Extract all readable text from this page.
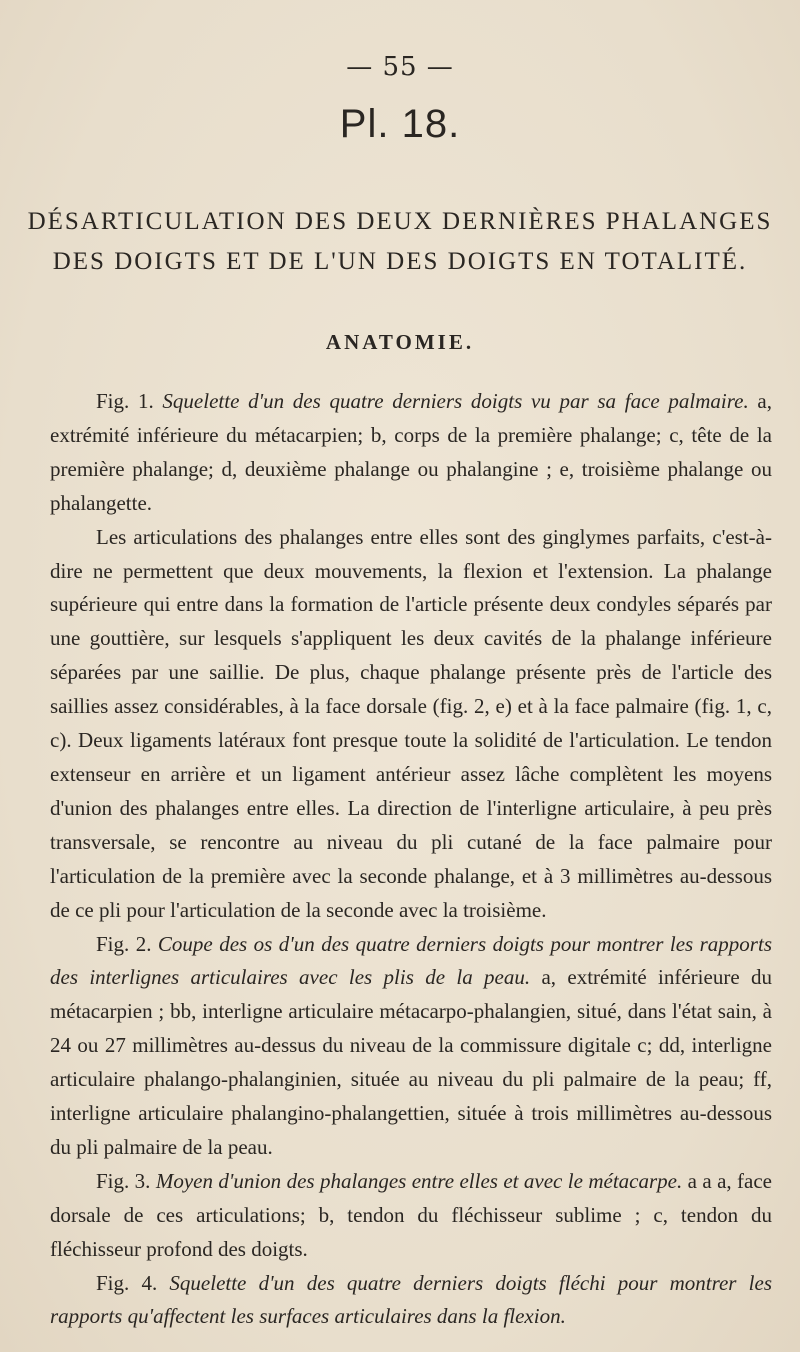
— 55 —
Pl. 18.
DÉSARTICULATION DES DEUX DERNIÈRES PHALANGES
DES DOIGTS ET DE L'UN DES DOIGTS EN TOTALITÉ.
ANATOMIE.

Fig. 1. Squelette d'un des quatre derniers doigts vu par sa face palmaire. a, extrémité inférieure du métacarpien; b, corps de la première phalange; c, tête de la première phalange; d, deuxième phalange ou phalangine ; e, troisième phalange ou phalangette.

Les articulations des phalanges entre elles sont des ginglymes parfaits, c'est-à-dire ne permettent que deux mouvements, la flexion et l'extension. La phalange supérieure qui entre dans la formation de l'article présente deux condyles séparés par une gouttière, sur lesquels s'appliquent les deux cavités de la phalange inférieure séparées par une saillie. De plus, chaque phalange présente près de l'article des saillies assez considérables, à la face dorsale (fig. 2, e) et à la face palmaire (fig. 1, c, c). Deux ligaments latéraux font presque toute la solidité de l'articulation. Le tendon extenseur en arrière et un ligament antérieur assez lâche complètent les moyens d'union des phalanges entre elles. La direction de l'interligne articulaire, à peu près transversale, se rencontre au niveau du pli cutané de la face palmaire pour l'articulation de la première avec la seconde phalange, et à 3 millimètres au-dessous de ce pli pour l'articulation de la seconde avec la troisième.

Fig. 2. Coupe des os d'un des quatre derniers doigts pour montrer les rapports des interlignes articulaires avec les plis de la peau. a, extrémité inférieure du métacarpien ; bb, interligne articulaire métacarpo-phalangien, situé, dans l'état sain, à 24 ou 27 millimètres au-dessus du niveau de la commissure digitale c; dd, interligne articulaire phalango-phalanginien, située au niveau du pli palmaire de la peau; ff, interligne articulaire phalangino-phalangettien, située à trois millimètres au-dessous du pli palmaire de la peau.

Fig. 3. Moyen d'union des phalanges entre elles et avec le métacarpe. a a a, face dorsale de ces articulations; b, tendon du fléchisseur sublime ; c, tendon du fléchisseur profond des doigts.

Fig. 4. Squelette d'un des quatre derniers doigts fléchi pour montrer les rapports qu'affectent les surfaces articulaires dans la flexion.
